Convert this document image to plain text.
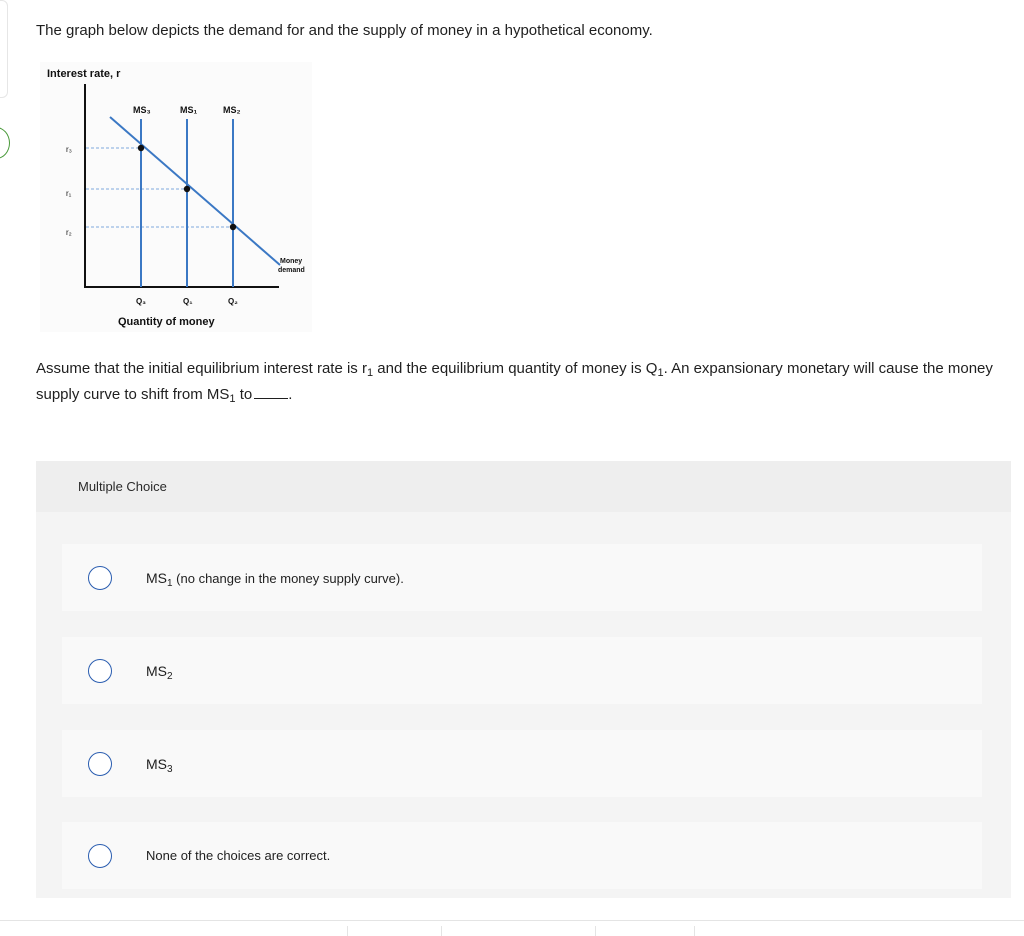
The graph below depicts the demand for and the supply of money in a hypothetical economy.
Interest rate, r
MS₃	MS₁	MS₂
r₃
r₁
r₂
Q₃	Q₁	Q₂
Money
demand
Quantity of money
Assume that the initial equilibrium interest rate is $r_1$ and the equilibrium quantity of money is $Q_1$. An expansionary monetary will cause the money supply curve to shift from $MS_1$ to .
Multiple Choice
$MS_1$ (no change in the money supply curve).
$MS_2$
$MS_3$
None of the choices are correct.
